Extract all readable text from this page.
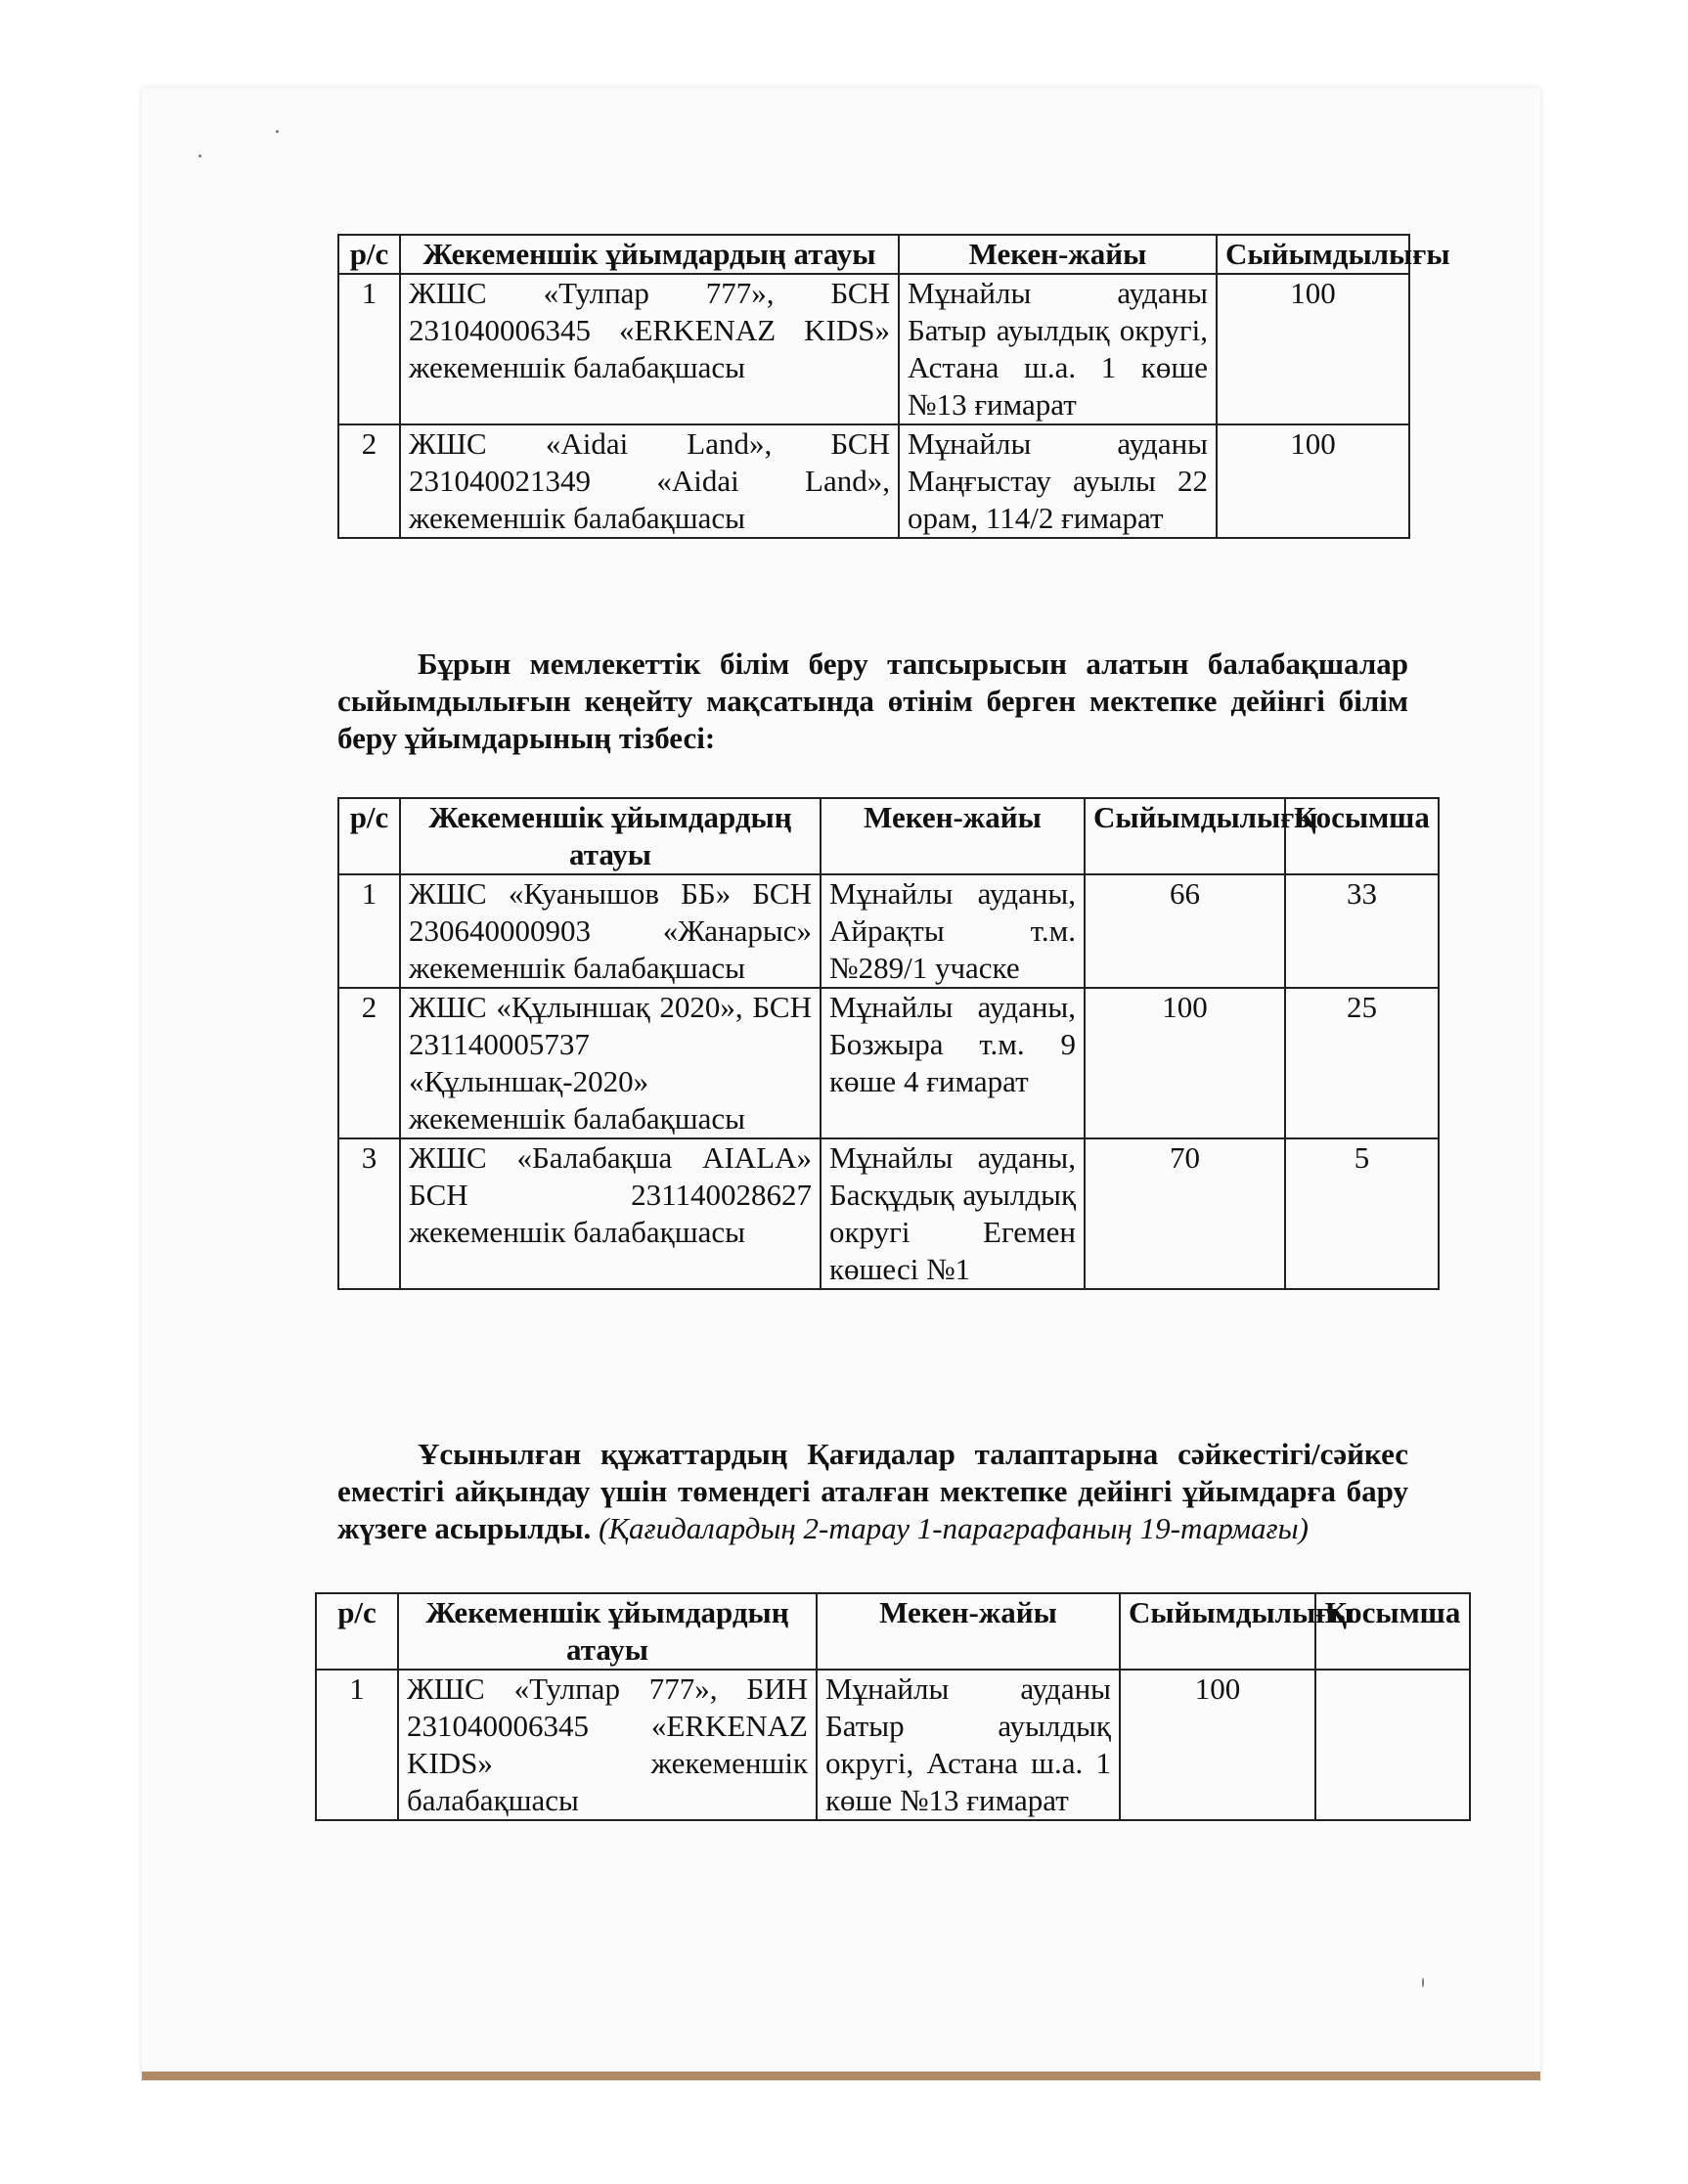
р/с	Жекеменшік ұйымдардың атауы	Мекен-жайы	Сыйымдылығы
1	ЖШС «Тулпар 777», БСН 231040006345 «ERKENAZ KIDS» жекеменшік балабақшасы	Мұнайлы ауданы Батыр ауылдық округі, Астана ш.а. 1 көше №13 ғимарат	100
2	ЖШС «Aidai Land», БСН 231040021349 «Aidai Land», жекеменшік балабақшасы	Мұнайлы ауданы Маңғыстау ауылы 22 орам, 114/2 ғимарат	100
Бұрын мемлекеттік білім беру тапсырысын алатын балабақшалар сыйымдылығын кеңейту мақсатында өтінім берген мектепке дейінгі білім беру ұйымдарының тізбесі:
р/с	Жекеменшік ұйымдардың атауы	Мекен-жайы	Сыйымдылығы	Қосымша
1	ЖШС «Куанышов ББ» БСН 230640000903 «Жанарыс» жекеменшік балабақшасы	Мұнайлы ауданы, Айрақты т.м. №289/1 учаске	66	33
2	ЖШС «Құлыншақ 2020», БСН 231140005737 «Құлыншақ-2020» жекеменшік балабақшасы	Мұнайлы ауданы, Бозжыра т.м. 9 көше 4 ғимарат	100	25
3	ЖШС «Балабақша AIALA» БСН 231140028627 жекеменшік балабақшасы	Мұнайлы ауданы, Басқұдық ауылдық округі Егемен көшесі №1	70	5
Ұсынылған құжаттардың Қағидалар талаптарына сәйкестігі/сәйкес еместігі айқындау үшін төмендегі аталған мектепке дейінгі ұйымдарға бару жүзеге асырылды. (Қағидалардың 2-тарау 1-параграфаның 19-тармағы)
р/с	Жекеменшік ұйымдардың атауы	Мекен-жайы	Сыйымдылығы	Қосымша
1	ЖШС «Тулпар 777», БИН 231040006345 «ERKENAZ KIDS» жекеменшік балабақшасы	Мұнайлы ауданы Батыр ауылдық округі, Астана ш.а. 1 көше №13 ғимарат	100	
